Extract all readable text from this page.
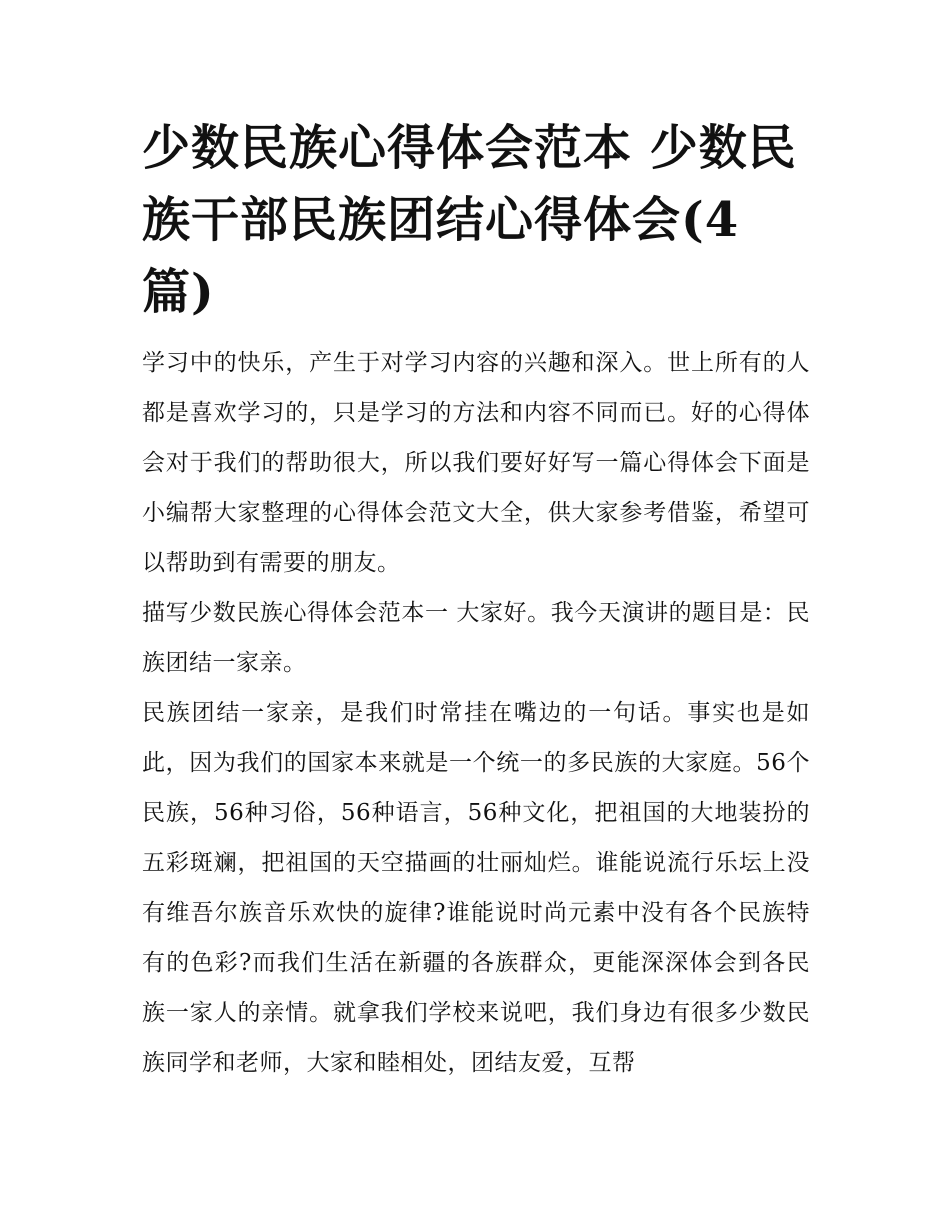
少数民族心得体会范本 少数民族干部民族团结心得体会(4篇)

学习中的快乐，产生于对学习内容的兴趣和深入。世上所有的人都是喜欢学习的，只是学习的方法和内容不同而已。好的心得体会对于我们的帮助很大，所以我们要好好写一篇心得体会下面是小编帮大家整理的心得体会范文大全，供大家参考借鉴，希望可以帮助到有需要的朋友。

描写少数民族心得体会范本一 大家好。我今天演讲的题目是：民族团结一家亲。

民族团结一家亲，是我们时常挂在嘴边的一句话。事实也是如此，因为我们的国家本来就是一个统一的多民族的大家庭。56个民族，56种习俗，56种语言，56种文化，把祖国的大地装扮的五彩斑斓，把祖国的天空描画的壮丽灿烂。谁能说流行乐坛上没有维吾尔族音乐欢快的旋律?谁能说时尚元素中没有各个民族特有的色彩?而我们生活在新疆的各族群众，更能深深体会到各民族一家人的亲情。就拿我们学校来说吧，我们身边有很多少数民族同学和老师，大家和睦相处，团结友爱，互帮
